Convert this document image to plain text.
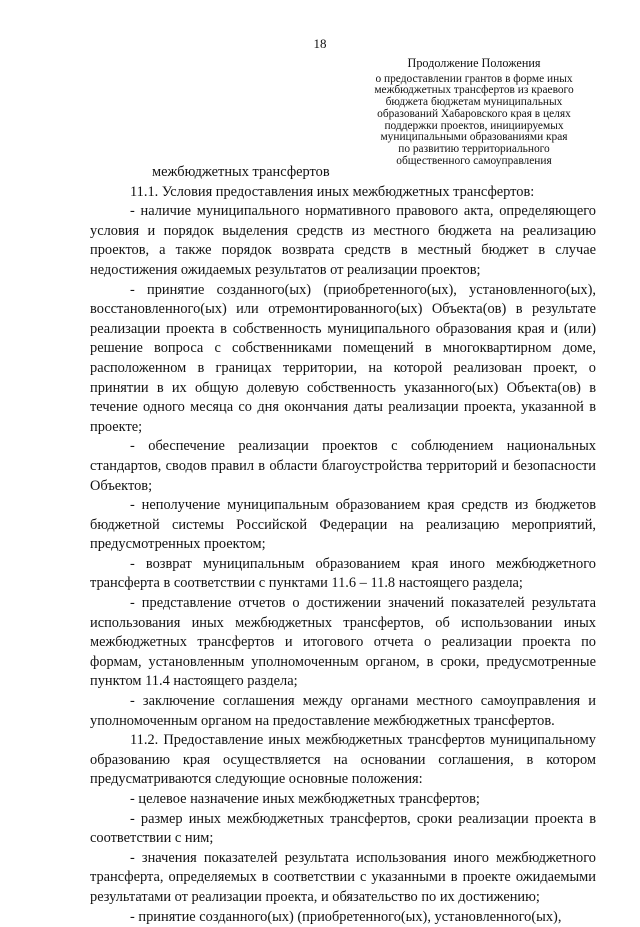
18
Продолжение Положения
о предоставлении грантов в форме иных
межбюджетных трансфертов из краевого
бюджета бюджетам муниципальных
образований Хабаровского края в целях
поддержки проектов, инициируемых
муниципальными образованиями края
по развитию территориального
общественного самоуправления

межбюджетных трансфертов

11.1. Условия предоставления иных межбюджетных трансфертов:

- наличие муниципального нормативного правового акта, определяющего условия и порядок выделения средств из местного бюджета на реализацию проектов, а также порядок возврата средств в местный бюджет в случае недостижения ожидаемых результатов от реализации проектов;

- принятие созданного(ых) (приобретенного(ых), установленного(ых), восстановленного(ых) или отремонтированного(ых) Объекта(ов) в результате реализации проекта в собственность муниципального образования края и (или) решение вопроса с собственниками помещений в многоквартирном доме, расположенном в границах территории, на которой реализован проект, о принятии в их общую долевую собственность указанного(ых) Объекта(ов) в течение одного месяца со дня окончания даты реализации проекта, указанной в проекте;

- обеспечение реализации проектов с соблюдением национальных стандартов, сводов правил в области благоустройства территорий и безопасности Объектов;

- неполучение муниципальным образованием края средств из бюджетов бюджетной системы Российской Федерации на реализацию мероприятий, предусмотренных проектом;

- возврат муниципальным образованием края иного межбюджетного трансферта в соответствии с пунктами 11.6 – 11.8 настоящего раздела;

- представление отчетов о достижении значений показателей результата использования иных межбюджетных трансфертов, об использовании иных межбюджетных трансфертов и итогового отчета о реализации проекта по формам, установленным уполномоченным органом, в сроки, предусмотренные пунктом 11.4 настоящего раздела;

- заключение соглашения между органами местного самоуправления и уполномоченным органом на предоставление межбюджетных трансфертов.

11.2. Предоставление иных межбюджетных трансфертов муниципальному образованию края осуществляется на основании соглашения, в котором предусматриваются следующие основные положения:

- целевое назначение иных межбюджетных трансфертов;

- размер иных межбюджетных трансфертов, сроки реализации проекта в соответствии с ним;

- значения показателей результата использования иного межбюджетного трансферта, определяемых в соответствии с указанными в проекте ожидаемыми результатами от реализации проекта, и обязательство по их достижению;

- принятие созданного(ых) (приобретенного(ых), установленного(ых),
